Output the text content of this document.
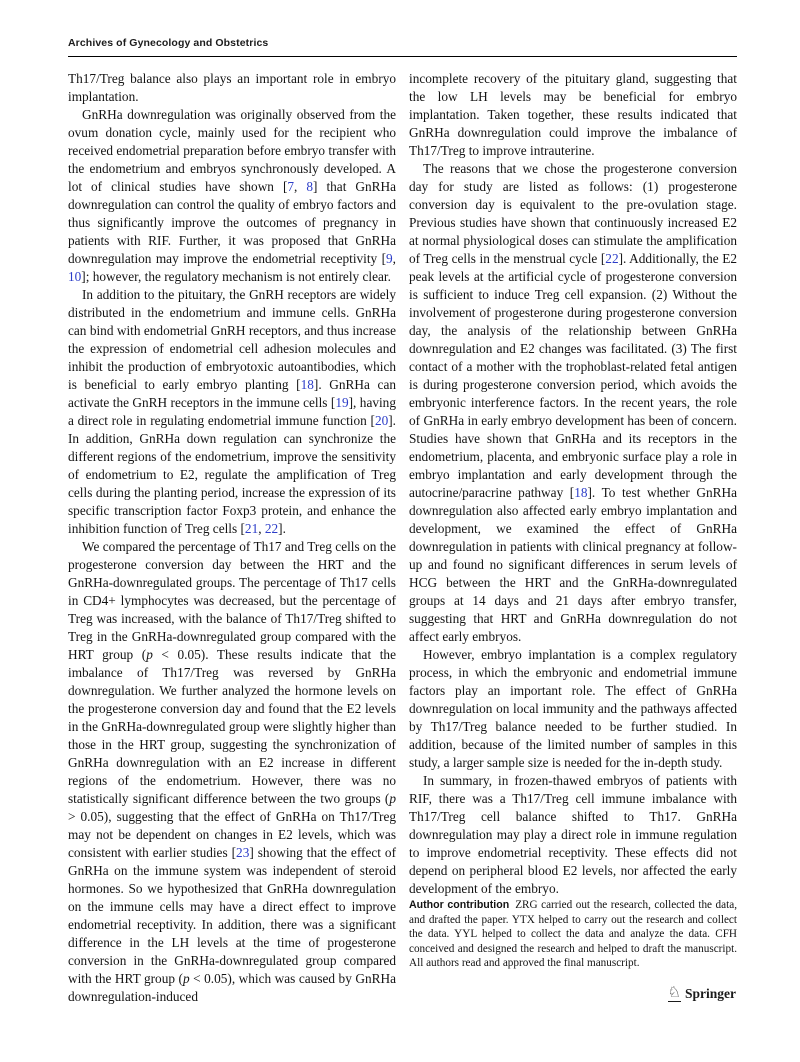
Archives of Gynecology and Obstetrics

Th17/Treg balance also plays an important role in embryo implantation.

GnRHa downregulation was originally observed from the ovum donation cycle, mainly used for the recipient who received endometrial preparation before embryo transfer with the endometrium and embryos synchronously developed. A lot of clinical studies have shown [7, 8] that GnRHa downregulation can control the quality of embryo factors and thus significantly improve the outcomes of pregnancy in patients with RIF. Further, it was proposed that GnRHa downregulation may improve the endometrial receptivity [9, 10]; however, the regulatory mechanism is not entirely clear.

In addition to the pituitary, the GnRH receptors are widely distributed in the endometrium and immune cells. GnRHa can bind with endometrial GnRH receptors, and thus increase the expression of endometrial cell adhesion molecules and inhibit the production of embryotoxic autoantibodies, which is beneficial to early embryo planting [18]. GnRHa can activate the GnRH receptors in the immune cells [19], having a direct role in regulating endometrial immune function [20]. In addition, GnRHa down regulation can synchronize the different regions of the endometrium, improve the sensitivity of endometrium to E2, regulate the amplification of Treg cells during the planting period, increase the expression of its specific transcription factor Foxp3 protein, and enhance the inhibition function of Treg cells [21, 22].

We compared the percentage of Th17 and Treg cells on the progesterone conversion day between the HRT and the GnRHa-downregulated groups. The percentage of Th17 cells in CD4+ lymphocytes was decreased, but the percentage of Treg was increased, with the balance of Th17/Treg shifted to Treg in the GnRHa-downregulated group compared with the HRT group (p < 0.05). These results indicate that the imbalance of Th17/Treg was reversed by GnRHa downregulation. We further analyzed the hormone levels on the progesterone conversion day and found that the E2 levels in the GnRHa-downregulated group were slightly higher than those in the HRT group, suggesting the synchronization of GnRHa downregulation with an E2 increase in different regions of the endometrium. However, there was no statistically significant difference between the two groups (p > 0.05), suggesting that the effect of GnRHa on Th17/Treg may not be dependent on changes in E2 levels, which was consistent with earlier studies [23] showing that the effect of GnRHa on the immune system was independent of steroid hormones. So we hypothesized that GnRHa downregulation on the immune cells may have a direct effect to improve endometrial receptivity. In addition, there was a significant difference in the LH levels at the time of progesterone conversion in the GnRHa-downregulated group compared with the HRT group (p < 0.05), which was caused by GnRHa downregulation-induced

incomplete recovery of the pituitary gland, suggesting that the low LH levels may be beneficial for embryo implantation. Taken together, these results indicated that GnRHa downregulation could improve the imbalance of Th17/Treg to improve intrauterine.

The reasons that we chose the progesterone conversion day for study are listed as follows: (1) progesterone conversion day is equivalent to the pre-ovulation stage. Previous studies have shown that continuously increased E2 at normal physiological doses can stimulate the amplification of Treg cells in the menstrual cycle [22]. Additionally, the E2 peak levels at the artificial cycle of progesterone conversion is sufficient to induce Treg cell expansion. (2) Without the involvement of progesterone during progesterone conversion day, the analysis of the relationship between GnRHa downregulation and E2 changes was facilitated. (3) The first contact of a mother with the trophoblast-related fetal antigen is during progesterone conversion period, which avoids the embryonic interference factors. In the recent years, the role of GnRHa in early embryo development has been of concern. Studies have shown that GnRHa and its receptors in the endometrium, placenta, and embryonic surface play a role in embryo implantation and early development through the autocrine/paracrine pathway [18]. To test whether GnRHa downregulation also affected early embryo implantation and development, we examined the effect of GnRHa downregulation in patients with clinical pregnancy at follow-up and found no significant differences in serum levels of HCG between the HRT and the GnRHa-downregulated groups at 14 days and 21 days after embryo transfer, suggesting that HRT and GnRHa downregulation do not affect early embryos.

However, embryo implantation is a complex regulatory process, in which the embryonic and endometrial immune factors play an important role. The effect of GnRHa downregulation on local immunity and the pathways affected by Th17/Treg balance needed to be further studied. In addition, because of the limited number of samples in this study, a larger sample size is needed for the in-depth study.

In summary, in frozen-thawed embryos of patients with RIF, there was a Th17/Treg cell immune imbalance with Th17/Treg cell balance shifted to Th17. GnRHa downregulation may play a direct role in immune regulation to improve endometrial receptivity. These effects did not depend on peripheral blood E2 levels, nor affected the early development of the embryo.

Author contribution ZRG carried out the research, collected the data, and drafted the paper. YTX helped to carry out the research and collect the data. YYL helped to collect the data and analyze the data. CFH conceived and designed the research and helped to draft the manuscript. All authors read and approved the final manuscript.

♘ Springer
